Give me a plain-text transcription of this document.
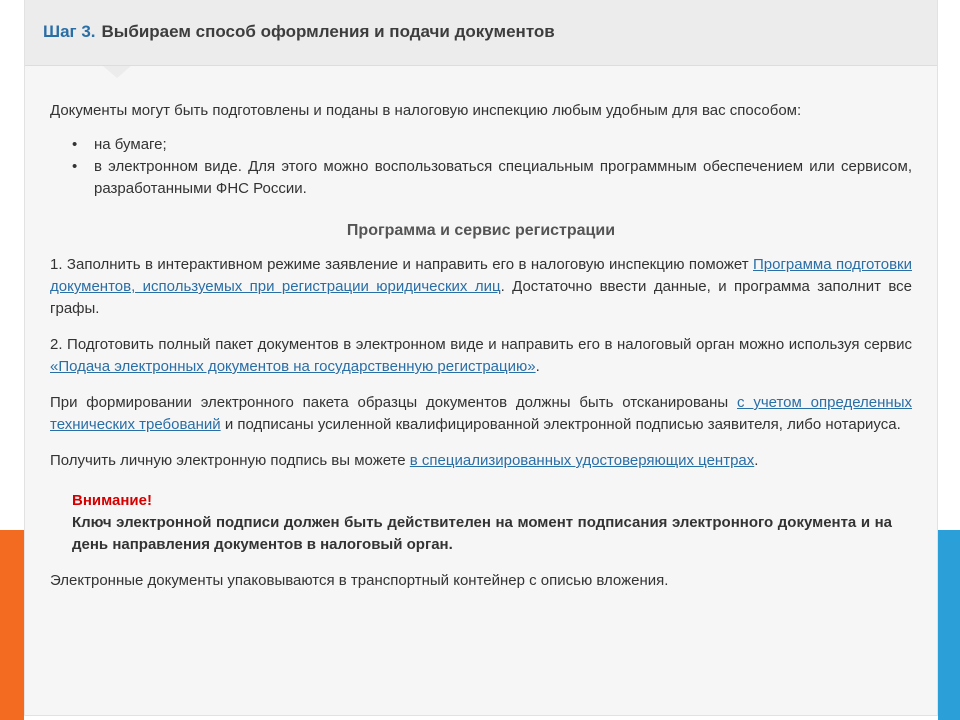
Шаг 3. Выбираем способ оформления и подачи документов

Документы могут быть подготовлены и поданы в налоговую инспекцию любым удобным для вас способом:

• на бумаге;
• в электронном виде. Для этого можно воспользоваться специальным программным обеспечением или сервисом, разработанными ФНС России.

Программа и сервис регистрации

1. Заполнить в интерактивном режиме заявление и направить его в налоговую инспекцию поможет Программа подготовки документов, используемых при регистрации юридических лиц. Достаточно ввести данные, и программа заполнит все графы.

2. Подготовить полный пакет документов в электронном виде и направить его в налоговый орган можно используя сервис «Подача электронных документов на государственную регистрацию».

При формировании электронного пакета образцы документов должны быть отсканированы с учетом определенных технических требований и подписаны усиленной квалифицированной электронной подписью заявителя, либо нотариуса.

Получить личную электронную подпись вы можете в специализированных удостоверяющих центрах.

Внимание!

Ключ электронной подписи должен быть действителен на момент подписания электронного документа и на день направления документов в налоговый орган.

Электронные документы упаковываются в транспортный контейнер с описью вложения.
